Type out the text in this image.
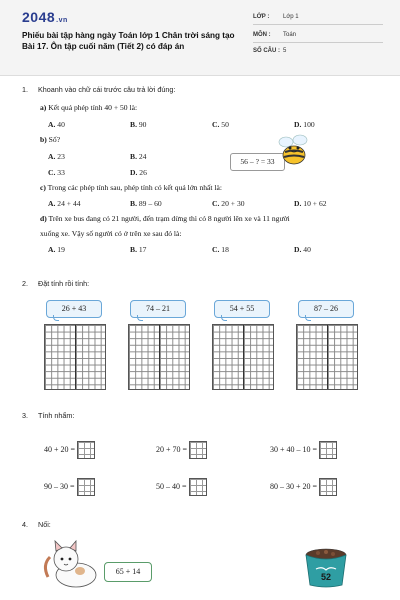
2048.vn
Phiếu bài tập hàng ngày Toán lớp 1 Chân trời sáng tạo Bài 17. Ôn tập cuối năm (Tiết 2) có đáp án
LỚP : Lớp 1
MÔN : Toán
SỐ CÂU : 5
1. Khoanh vào chữ cái trước câu trả lời đúng:
a) Kết quả phép tính 40 + 50 là:
A. 40	B. 90	C. 50	D. 100
b) Số?
A. 23	B. 24
C. 33	D. 26
56 – ? = 33
c) Trong các phép tính sau, phép tính có kết quả lớn nhất là:
A. 24 + 44	B. 89 – 60	C. 20 + 30	D. 10 + 62
d) Trên xe bus đang có 21 người, đến trạm dừng thì có 8 người lên xe và 11 người
xuống xe. Vậy số người có ở trên xe sau đó là:
A. 19	B. 17	C. 18	D. 40
2. Đặt tính rồi tính:
26 + 43	74 – 21	54 + 55	87 – 26
3. Tính nhẩm:
40 + 20 =	20 + 70 =	30 + 40 – 10 =
90 – 30 =	50 – 40 =	80 – 30 + 20 =
4. Nối:
65 + 14
52
